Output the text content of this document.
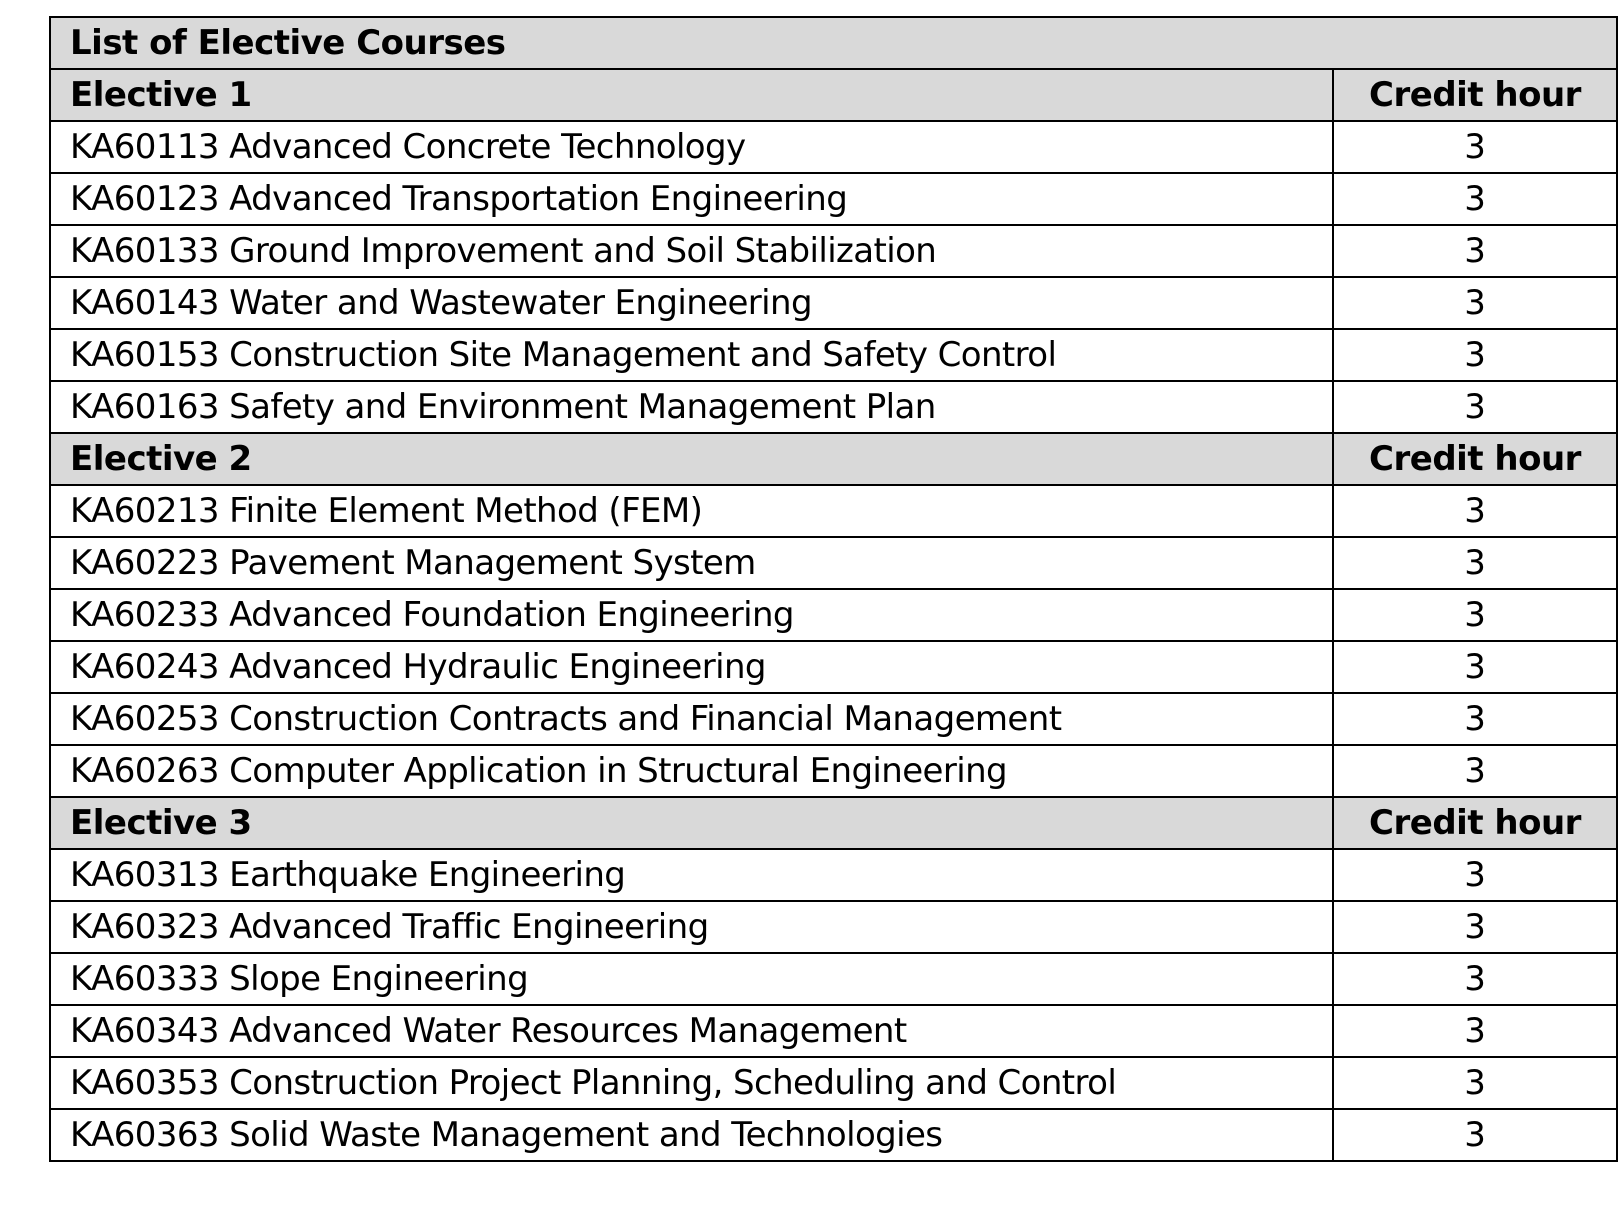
List of Elective Courses	
Elective 1	Credit hour
KA60113 Advanced Concrete Technology	3
KA60123 Advanced Transportation Engineering	3
KA60133 Ground Improvement and Soil Stabilization	3
KA60143 Water and Wastewater Engineering	3
KA60153 Construction Site Management and Safety Control	3
KA60163 Safety and Environment Management Plan	3
Elective 2	Credit hour
KA60213 Finite Element Method (FEM)	3
KA60223 Pavement Management System	3
KA60233 Advanced Foundation Engineering	3
KA60243 Advanced Hydraulic Engineering	3
KA60253 Construction Contracts and Financial Management	3
KA60263 Computer Application in Structural Engineering	3
Elective 3	Credit hour
KA60313 Earthquake Engineering	3
KA60323 Advanced Traffic Engineering	3
KA60333 Slope Engineering	3
KA60343 Advanced Water Resources Management	3
KA60353 Construction Project Planning, Scheduling and Control	3
KA60363 Solid Waste Management and Technologies	3
